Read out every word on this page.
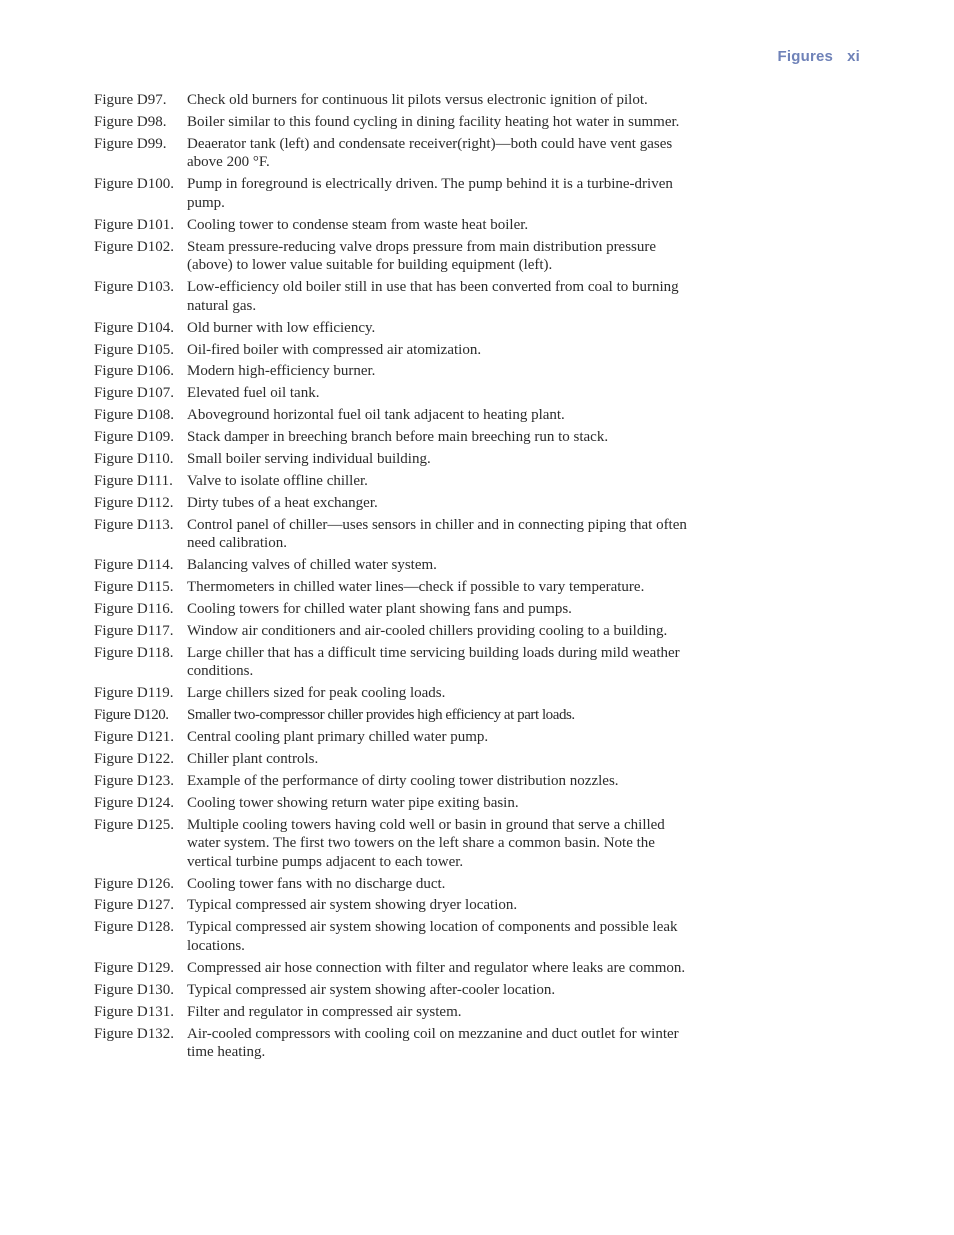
Figures xi
Figure D97.	Check old burners for continuous lit pilots versus electronic ignition of pilot.
Figure D98.	Boiler similar to this found cycling in dining facility heating hot water in summer.
Figure D99.	Deaerator tank (left) and condensate receiver(right)—both could have vent gases above 200 °F.
Figure D100. Pump in foreground is electrically driven. The pump behind it is a turbine-driven pump.
Figure D101. Cooling tower to condense steam from waste heat boiler.
Figure D102. Steam pressure-reducing valve drops pressure from main distribution pressure (above) to lower value suitable for building equipment (left).
Figure D103. Low-efficiency old boiler still in use that has been converted from coal to burning natural gas.
Figure D104. Old burner with low efficiency.
Figure D105. Oil-fired boiler with compressed air atomization.
Figure D106. Modern high-efficiency burner.
Figure D107. Elevated fuel oil tank.
Figure D108. Aboveground horizontal fuel oil tank adjacent to heating plant.
Figure D109. Stack damper in breeching branch before main breeching run to stack.
Figure D110. Small boiler serving individual building.
Figure D111. Valve to isolate offline chiller.
Figure D112. Dirty tubes of a heat exchanger.
Figure D113. Control panel of chiller—uses sensors in chiller and in connecting piping that often need calibration.
Figure D114. Balancing valves of chilled water system.
Figure D115. Thermometers in chilled water lines—check if possible to vary temperature.
Figure D116. Cooling towers for chilled water plant showing fans and pumps.
Figure D117. Window air conditioners and air-cooled chillers providing cooling to a building.
Figure D118. Large chiller that has a difficult time servicing building loads during mild weather conditions.
Figure D119. Large chillers sized for peak cooling loads.
Figure D120.	Smaller two-compressor chiller provides high efficiency at part loads.
Figure D121. Central cooling plant primary chilled water pump.
Figure D122. Chiller plant controls.
Figure D123. Example of the performance of dirty cooling tower distribution nozzles.
Figure D124. Cooling tower showing return water pipe exiting basin.
Figure D125. Multiple cooling towers having cold well or basin in ground that serve a chilled water system. The first two towers on the left share a common basin. Note the vertical turbine pumps adjacent to each tower.
Figure D126. Cooling tower fans with no discharge duct.
Figure D127. Typical compressed air system showing dryer location.
Figure D128. Typical compressed air system showing location of components and possible leak locations.
Figure D129. Compressed air hose connection with filter and regulator where leaks are common.
Figure D130. Typical compressed air system showing after-cooler location.
Figure D131. Filter and regulator in compressed air system.
Figure D132. Air-cooled compressors with cooling coil on mezzanine and duct outlet for winter time heating.
